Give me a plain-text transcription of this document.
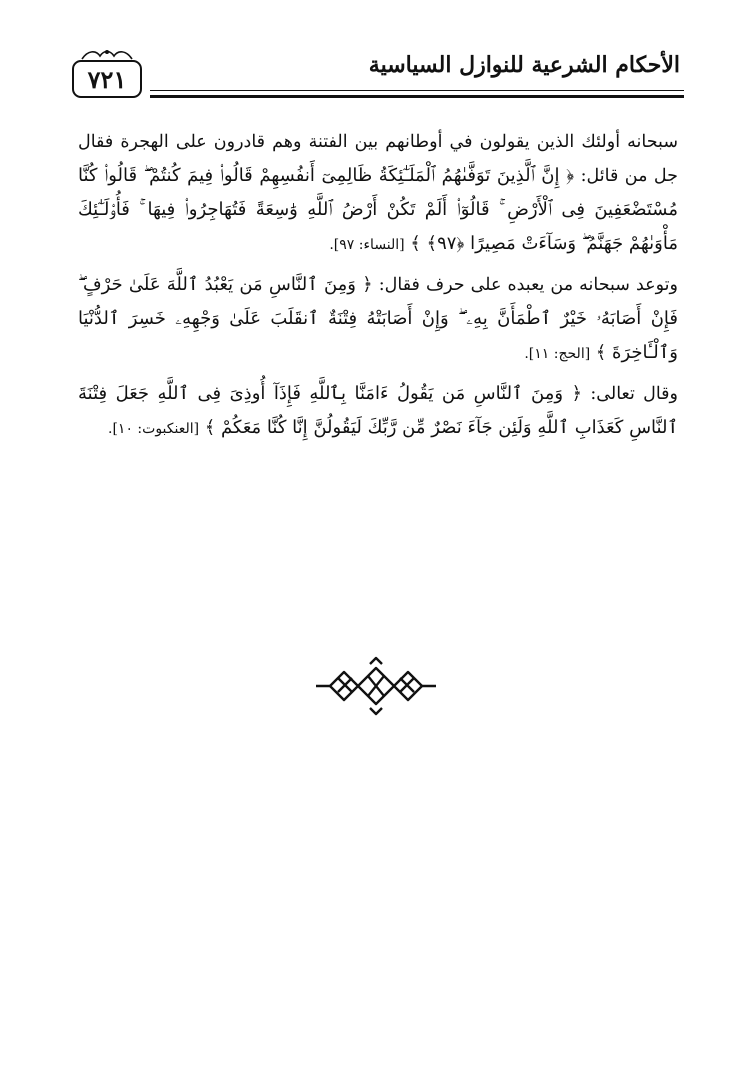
٧٢١	الأحكام الشرعية للنوازل السياسية

سبحانه أولئك الذين يقولون في أوطانهم بين الفتنة وهم قادرون على الهجرة فقال جل من قائل: ﴿ إِنَّ ٱلَّذِينَ تَوَفَّىٰهُمُ ٱلْمَلَـٰٓئِكَةُ ظَالِمِىٓ أَنفُسِهِمْ قَالُوا۟ فِيمَ كُنتُمْ ۖ قَالُوا۟ كُنَّا مُسْتَضْعَفِينَ فِى ٱلْأَرْضِ ۚ قَالُوٓا۟ أَلَمْ تَكُنْ أَرْضُ ٱللَّهِ وَٰسِعَةً فَتُهَاجِرُوا۟ فِيهَا ۚ فَأُو۟لَـٰٓئِكَ مَأْوَىٰهُمْ جَهَنَّمُ ۖ وَسَآءَتْ مَصِيرًا ﴿٩٧﴾ ﴾ [النساء: ٩٧].

وتوعد سبحانه من يعبده على حرف فقال: ﴿ وَمِنَ ٱلنَّاسِ مَن يَعْبُدُ ٱللَّهَ عَلَىٰ حَرْفٍ ۖ فَإِنْ أَصَابَهُۥ خَيْرٌ ٱطْمَأَنَّ بِهِۦ ۖ وَإِنْ أَصَابَتْهُ فِتْنَةٌ ٱنقَلَبَ عَلَىٰ وَجْهِهِۦ خَسِرَ ٱلدُّنْيَا وَٱلْـَٔاخِرَةَ ﴾ [الحج: ١١].

وقال تعالى: ﴿ وَمِنَ ٱلنَّاسِ مَن يَقُولُ ءَامَنَّا بِٱللَّهِ فَإِذَآ أُوذِىَ فِى ٱللَّهِ جَعَلَ فِتْنَةَ ٱلنَّاسِ كَعَذَابِ ٱللَّهِ وَلَئِن جَآءَ نَصْرٌ مِّن رَّبِّكَ لَيَقُولُنَّ إِنَّا كُنَّا مَعَكُمْ ﴾ [العنكبوت: ١٠].
